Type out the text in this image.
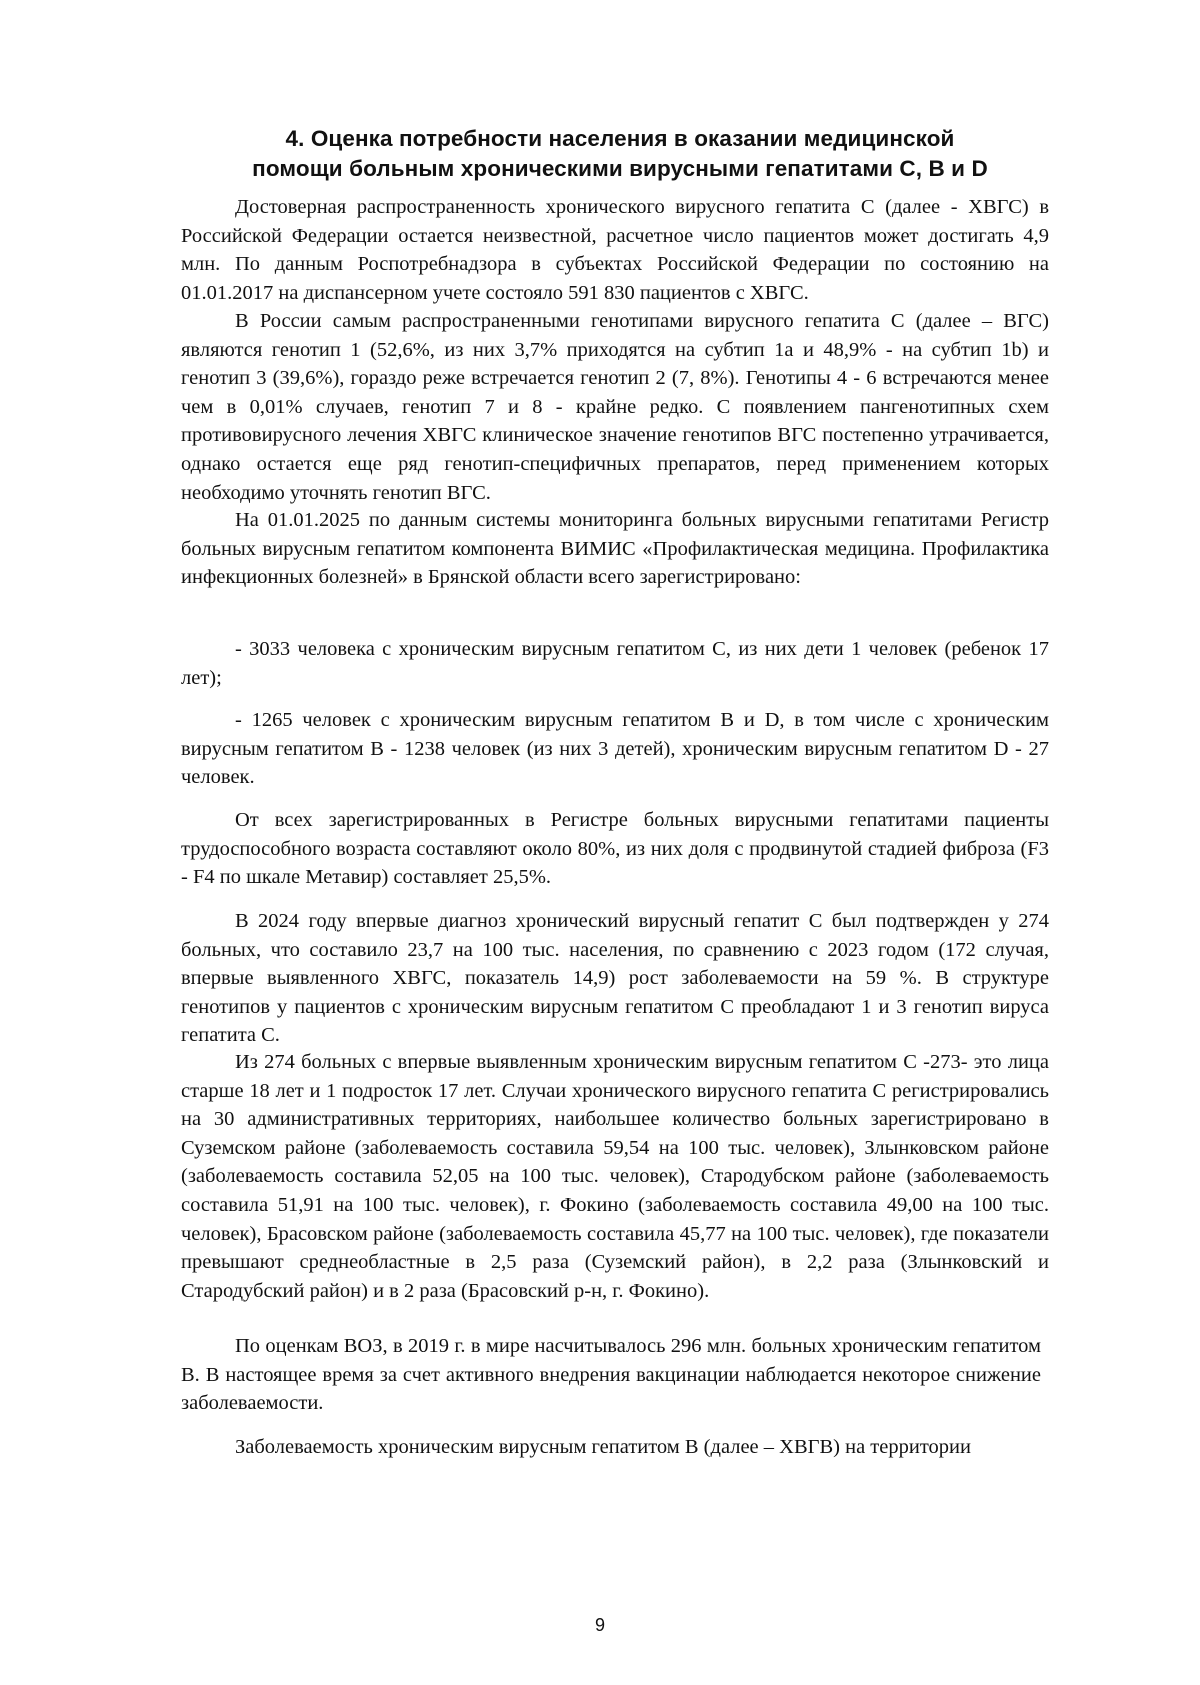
4. Оценка потребности населения в оказании медицинской
помощи больным хроническими вирусными гепатитами С, В и D

Достоверная распространенность хронического вирусного гепатита С (далее - ХВГС) в Российской Федерации остается неизвестной, расчетное число пациентов может достигать 4,9 млн. По данным Роспотребнадзора в субъектах Российской Федерации по состоянию на 01.01.2017 на диспансерном учете состояло 591 830 пациентов с ХВГС.

В России самым распространенными генотипами вирусного гепатита С (далее – ВГС) являются генотип 1 (52,6%, из них 3,7% приходятся на субтип 1a и 48,9% - на субтип 1b) и генотип 3 (39,6%), гораздо реже встречается генотип 2 (7, 8%). Генотипы 4 - 6 встречаются менее чем в 0,01% случаев, генотип 7 и 8 - крайне редко. С появлением пангенотипных схем противовирусного лечения ХВГС клиническое значение генотипов ВГС постепенно утрачивается, однако остается еще ряд генотип-специфичных препаратов, перед применением которых необходимо уточнять генотип ВГС.

На 01.01.2025 по данным системы мониторинга больных вирусными гепатитами Регистр больных вирусным гепатитом компонента ВИМИС «Профилактическая медицина. Профилактика инфекционных болезней» в Брянской области всего зарегистрировано:

- 3033 человека с хроническим вирусным гепатитом С, из них дети 1 человек (ребенок 17 лет);

- 1265 человек с хроническим вирусным гепатитом В и D, в том числе с хроническим вирусным гепатитом В - 1238 человек (из них 3 детей), хроническим вирусным гепатитом D - 27 человек.

От всех зарегистрированных в Регистре больных вирусными гепатитами пациенты трудоспособного возраста составляют около 80%, из них доля с продвинутой стадией фиброза (F3 - F4 по шкале Метавир) составляет 25,5%.

В 2024 году впервые диагноз хронический вирусный гепатит С был подтвержден у 274 больных, что составило 23,7 на 100 тыс. населения, по сравнению с 2023 годом (172 случая, впервые выявленного ХВГС, показатель 14,9) рост заболеваемости на 59 %. В структуре генотипов у пациентов с хроническим вирусным гепатитом С преобладают 1 и 3 генотип вируса гепатита С.

Из 274 больных с впервые выявленным хроническим вирусным гепатитом С -273- это лица старше 18 лет и 1 подросток 17 лет. Случаи хронического вирусного гепатита С регистрировались на 30 административных территориях, наибольшее количество больных зарегистрировано в Суземском районе (заболеваемость составила 59,54 на 100 тыс. человек), Злынковском районе (заболеваемость составила 52,05 на 100 тыс. человек), Стародубском районе (заболеваемость составила 51,91 на 100 тыс. человек), г. Фокино (заболеваемость составила 49,00 на 100 тыс. человек), Брасовском районе (заболеваемость составила 45,77 на 100 тыс. человек), где показатели превышают среднеобластные в 2,5 раза (Суземский район), в 2,2 раза (Злынковский и Стародубский район) и в 2 раза (Брасовский р-н, г. Фокино).

По оценкам ВОЗ, в 2019 г. в мире насчитывалось 296 млн. больных хроническим гепатитом В. В настоящее время за счет активного внедрения вакцинации наблюдается некоторое снижение заболеваемости.

Заболеваемость хроническим вирусным гепатитом В (далее – ХВГВ) на территории

9
